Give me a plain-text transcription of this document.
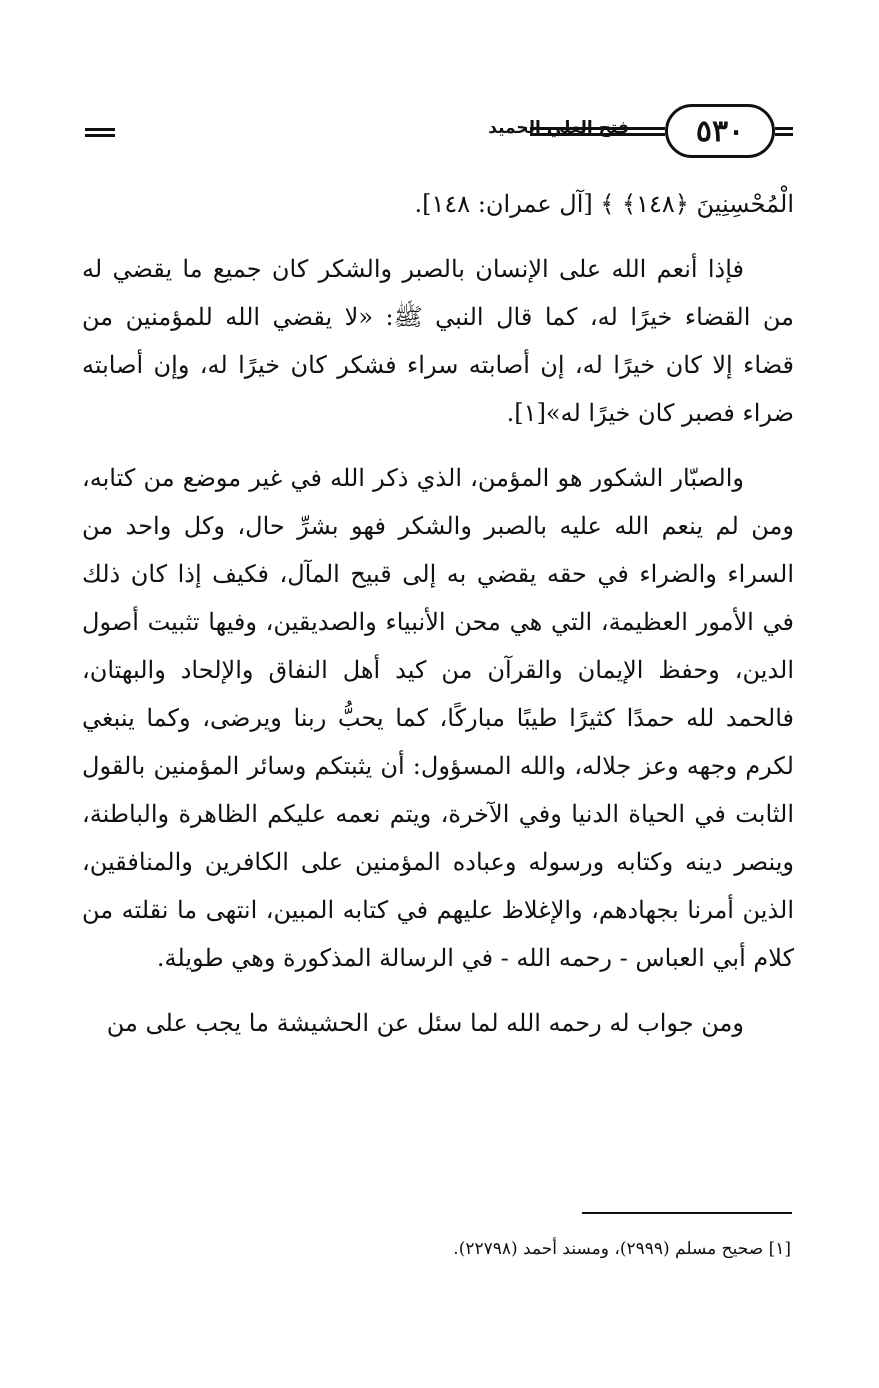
٥٣٠
فتح العلي الحميد

الْمُحْسِنِينَ ﴿١٤٨﴾ ﴾ [آل عمران: ١٤٨].

فإذا أنعم الله على الإنسان بالصبر والشكر كان جميع ما يقضي له من القضاء خيرًا له، كما قال النبي ﷺ: «لا يقضي الله للمؤمنين من قضاء إلا كان خيرًا له، إن أصابته سراء فشكر كان خيرًا له، وإن أصابته ضراء فصبر كان خيرًا له»[١].

والصبّار الشكور هو المؤمن، الذي ذكر الله في غير موضع من كتابه، ومن لم ينعم الله عليه بالصبر والشكر فهو بشرِّ حال، وكل واحد من السراء والضراء في حقه يقضي به إلى قبيح المآل، فكيف إذا كان ذلك في الأمور العظيمة، التي هي محن الأنبياء والصديقين، وفيها تثبيت أصول الدين، وحفظ الإيمان والقرآن من كيد أهل النفاق والإلحاد والبهتان، فالحمد لله حمدًا كثيرًا طيبًا مباركًا، كما يحبُّ ربنا ويرضى، وكما ينبغي لكرم وجهه وعز جلاله، والله المسؤول: أن يثبتكم وسائر المؤمنين بالقول الثابت في الحياة الدنيا وفي الآخرة، ويتم نعمه عليكم الظاهرة والباطنة، وينصر دينه وكتابه ورسوله وعباده المؤمنين على الكافرين والمنافقين، الذين أمرنا بجهادهم، والإغلاظ عليهم في كتابه المبين، انتهى ما نقلته من كلام أبي العباس - رحمه الله - في الرسالة المذكورة وهي طويلة.

ومن جواب له رحمه الله لما سئل عن الحشيشة ما يجب على من

[١] صحيح مسلم (٢٩٩٩)، ومسند أحمد (٢٢٧٩٨).
